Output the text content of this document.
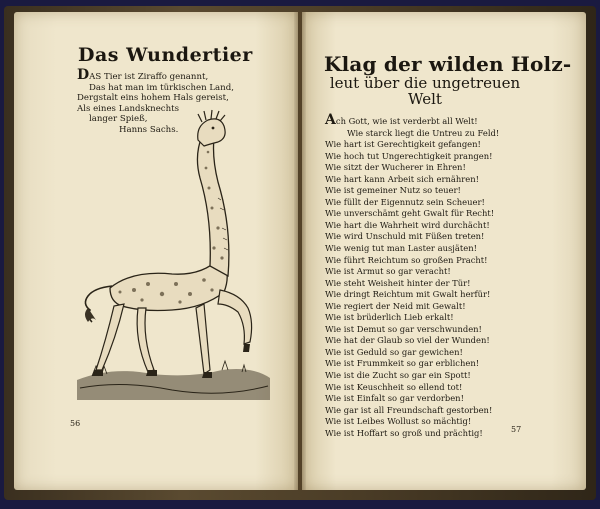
Das Wundertier
DAS Tier ist Ziraffo genannt,
Das hat man im türkischen Land,
Dergstalt eins hohem Hals gereist,
Als eines Landsknechts
langer Spieß,
Hanns Sachs.
56
Klag der wilden Holz-
leut über die ungetreuen Welt
Ach Gott, wie ist verderbt all Welt!
Wie starck liegt die Untreu zu Feld!
Wie hart ist Gerechtigkeit gefangen!
Wie hoch tut Ungerechtigkeit prangen!
Wie sitzt der Wucherer in Ehren!
Wie hart kann Arbeit sich ernähren!
Wie ist gemeiner Nutz so teuer!
Wie füllt der Eigennutz sein Scheuer!
Wie unverschämt geht Gwalt für Recht!
Wie hart die Wahrheit wird durchächt!
Wie wird Unschuld mit Füßen treten!
Wie wenig tut man Laster ausjäten!
Wie führt Reichtum so großen Pracht!
Wie ist Armut so gar veracht!
Wie steht Weisheit hinter der Tür!
Wie dringt Reichtum mit Gwalt herfür!
Wie regiert der Neid mit Gewalt!
Wie ist brüderlich Lieb erkalt!
Wie ist Demut so gar verschwunden!
Wie hat der Glaub so viel der Wunden!
Wie ist Geduld so gar gewichen!
Wie ist Frummkeit so gar erblichen!
Wie ist die Zucht so gar ein Spott!
Wie ist Keuschheit so ellend tot!
Wie ist Einfalt so gar verdorben!
Wie gar ist all Freundschaft gestorben!
Wie ist Leibes Wollust so mächtig!
Wie ist Hoffart so groß und prächtig!	57
